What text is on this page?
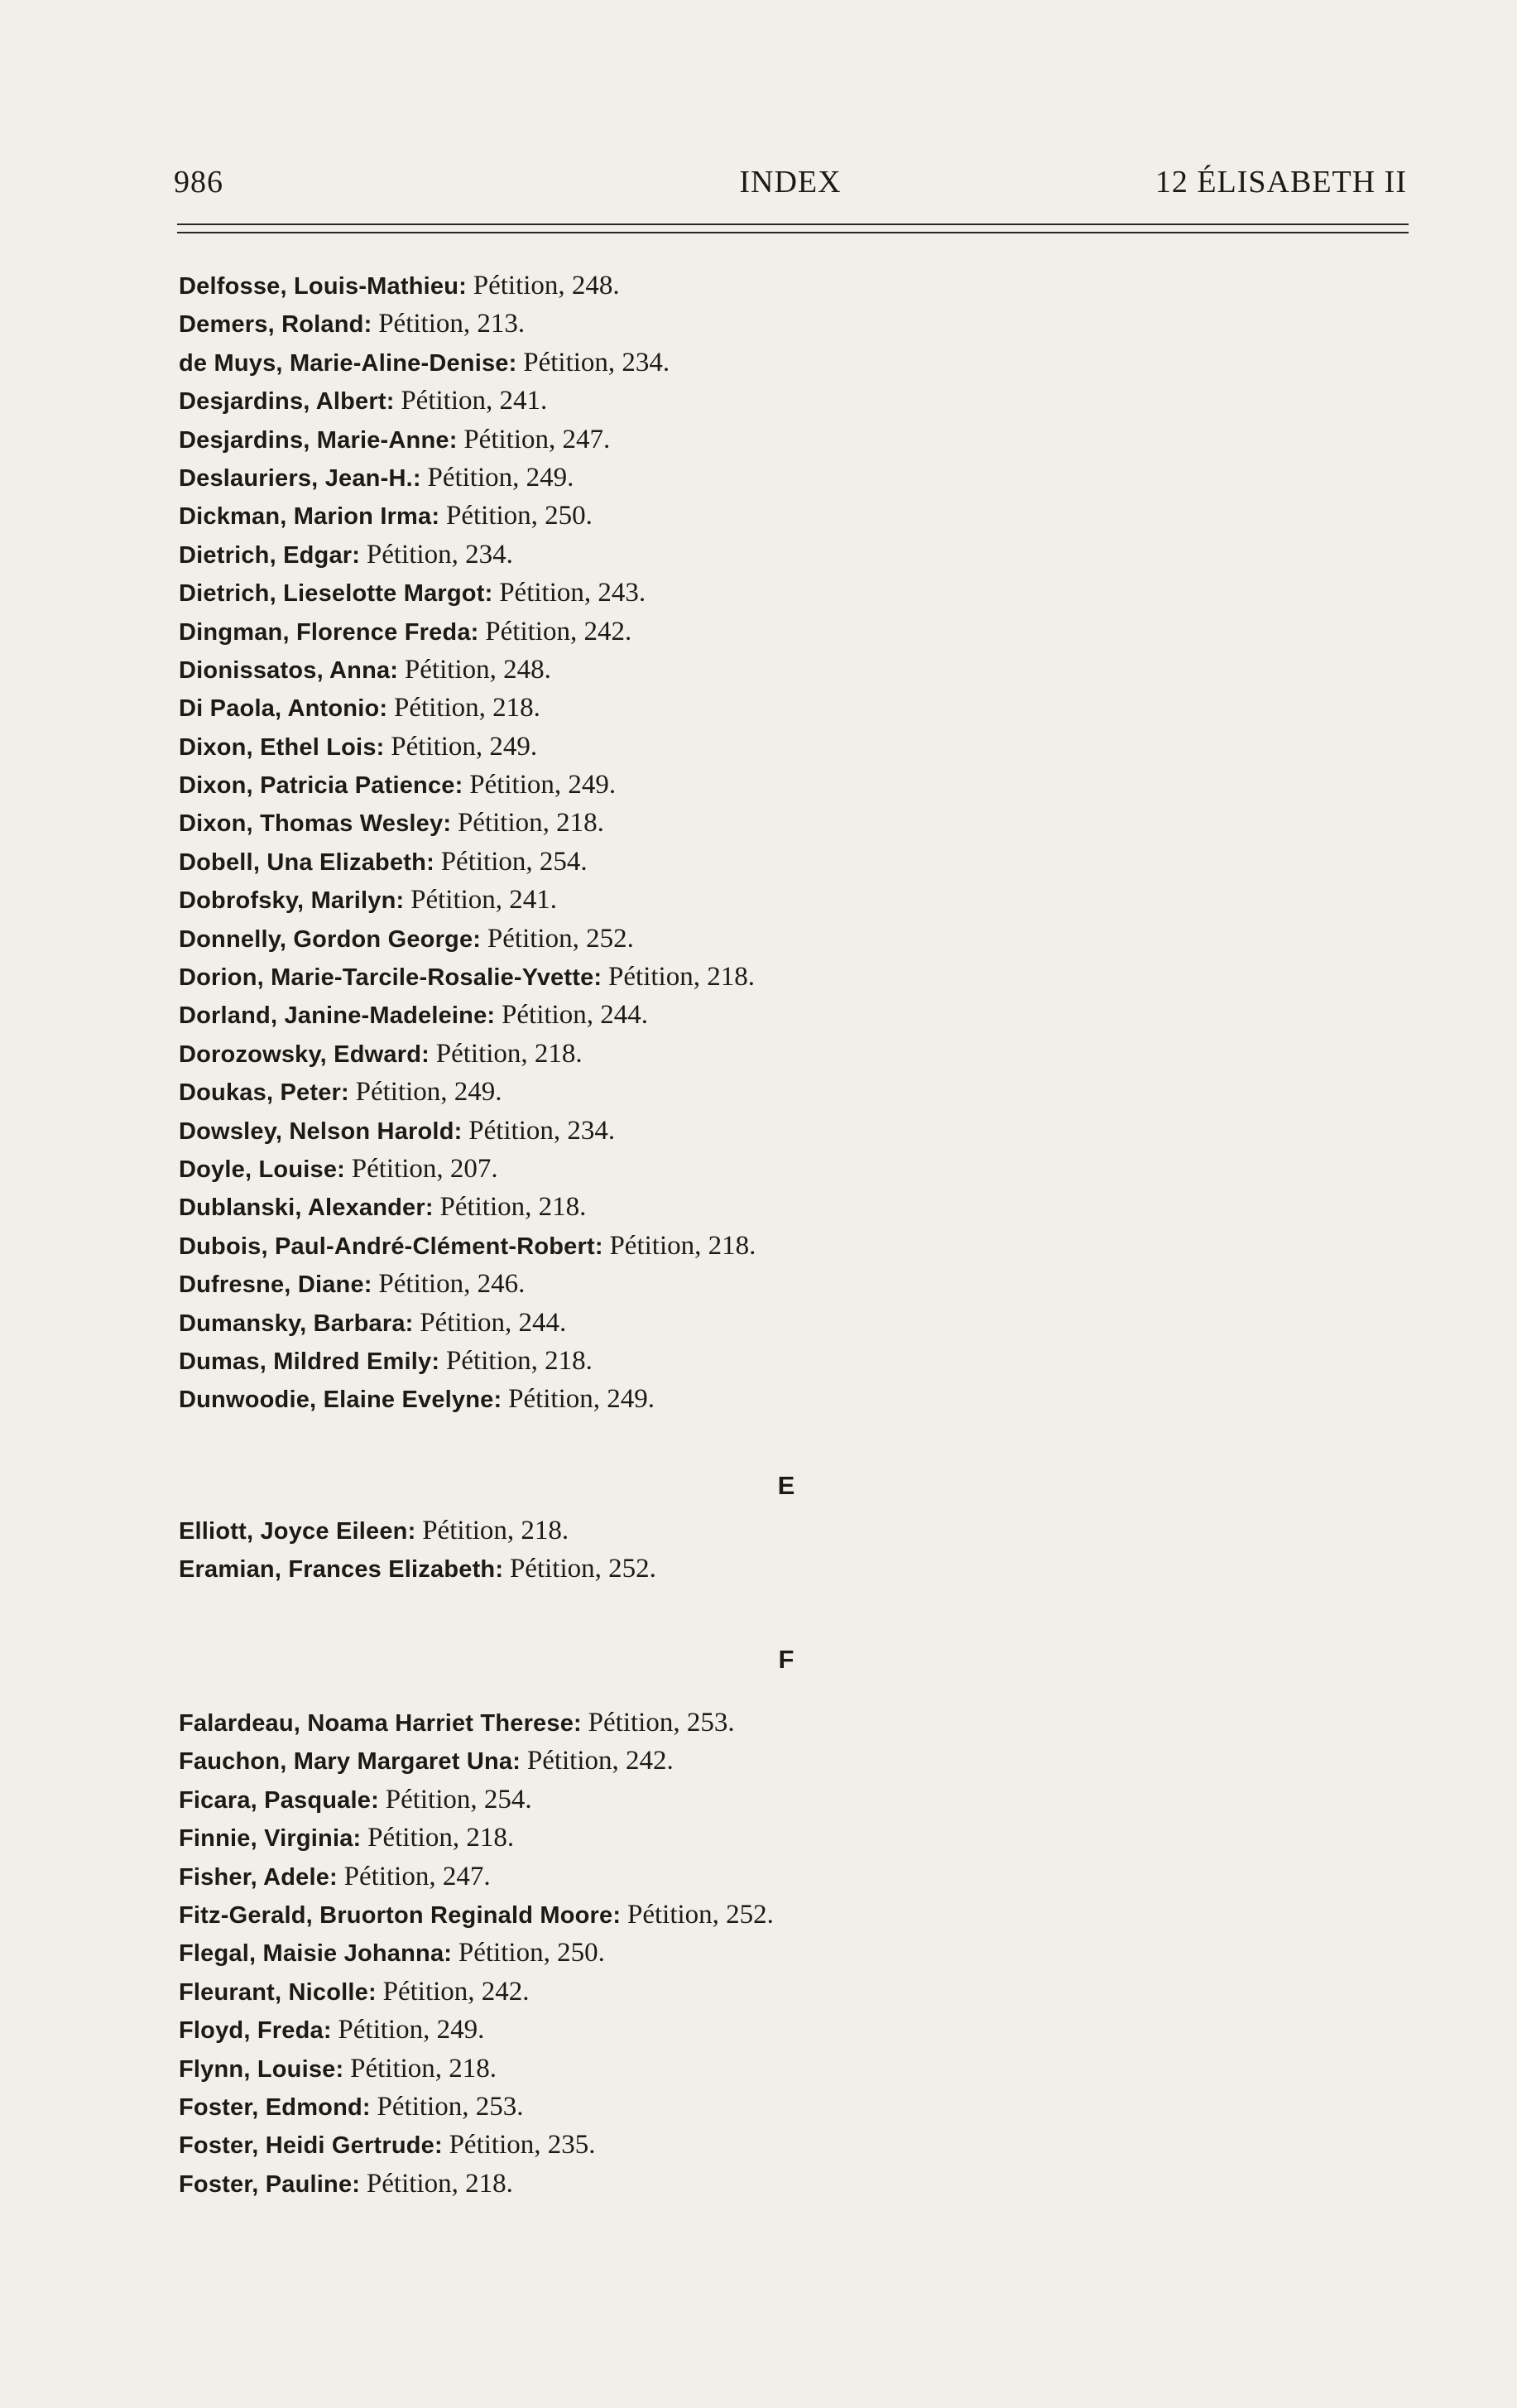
986	INDEX	12 ÉLISABETH II
Delfosse, Louis-Mathieu: Pétition, 248.
Demers, Roland: Pétition, 213.
de Muys, Marie-Aline-Denise: Pétition, 234.
Desjardins, Albert: Pétition, 241.
Desjardins, Marie-Anne: Pétition, 247.
Deslauriers, Jean-H.: Pétition, 249.
Dickman, Marion Irma: Pétition, 250.
Dietrich, Edgar: Pétition, 234.
Dietrich, Lieselotte Margot: Pétition, 243.
Dingman, Florence Freda: Pétition, 242.
Dionissatos, Anna: Pétition, 248.
Di Paola, Antonio: Pétition, 218.
Dixon, Ethel Lois: Pétition, 249.
Dixon, Patricia Patience: Pétition, 249.
Dixon, Thomas Wesley: Pétition, 218.
Dobell, Una Elizabeth: Pétition, 254.
Dobrofsky, Marilyn: Pétition, 241.
Donnelly, Gordon George: Pétition, 252.
Dorion, Marie-Tarcile-Rosalie-Yvette: Pétition, 218.
Dorland, Janine-Madeleine: Pétition, 244.
Dorozowsky, Edward: Pétition, 218.
Doukas, Peter: Pétition, 249.
Dowsley, Nelson Harold: Pétition, 234.
Doyle, Louise: Pétition, 207.
Dublanski, Alexander: Pétition, 218.
Dubois, Paul-André-Clément-Robert: Pétition, 218.
Dufresne, Diane: Pétition, 246.
Dumansky, Barbara: Pétition, 244.
Dumas, Mildred Emily: Pétition, 218.
Dunwoodie, Elaine Evelyne: Pétition, 249.
E
Elliott, Joyce Eileen: Pétition, 218.
Eramian, Frances Elizabeth: Pétition, 252.
F
Falardeau, Noama Harriet Therese: Pétition, 253.
Fauchon, Mary Margaret Una: Pétition, 242.
Ficara, Pasquale: Pétition, 254.
Finnie, Virginia: Pétition, 218.
Fisher, Adele: Pétition, 247.
Fitz-Gerald, Bruorton Reginald Moore: Pétition, 252.
Flegal, Maisie Johanna: Pétition, 250.
Fleurant, Nicolle: Pétition, 242.
Floyd, Freda: Pétition, 249.
Flynn, Louise: Pétition, 218.
Foster, Edmond: Pétition, 253.
Foster, Heidi Gertrude: Pétition, 235.
Foster, Pauline: Pétition, 218.
